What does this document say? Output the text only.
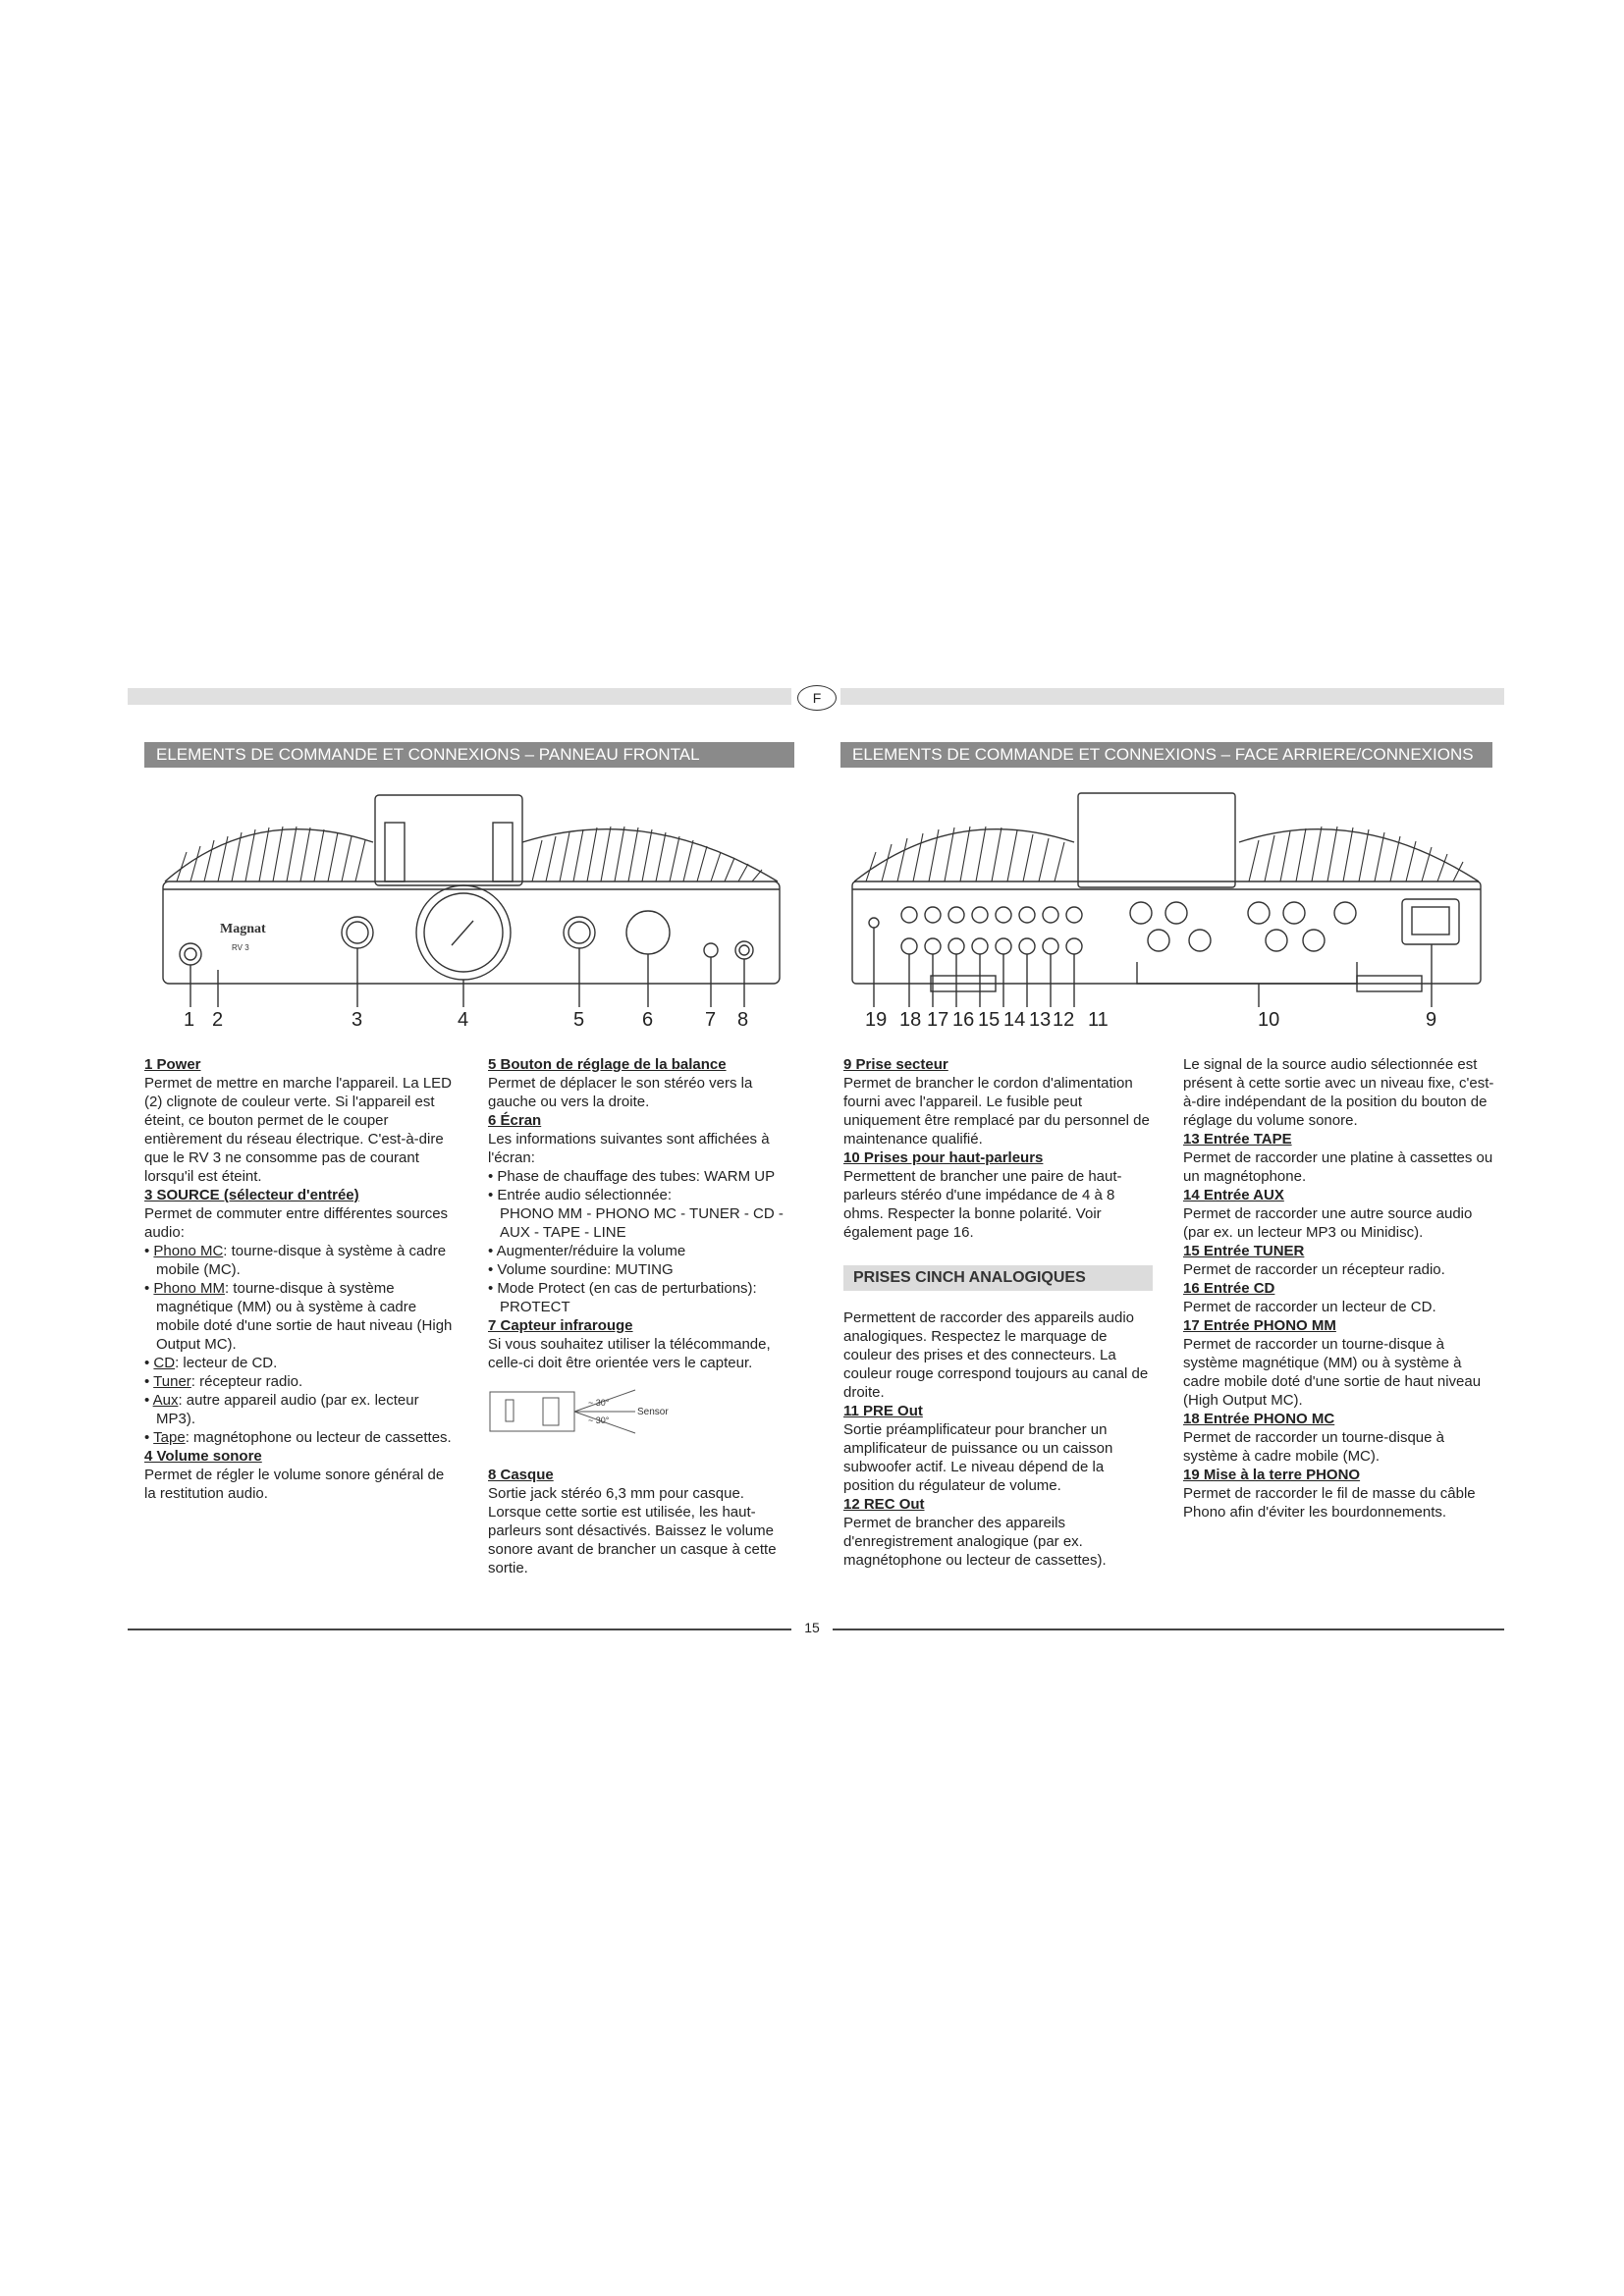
F
ELEMENTS DE COMMANDE ET CONNEXIONS – PANNEAU FRONTAL	ELEMENTS DE COMMANDE ET CONNEXIONS – FACE ARRIERE/CONNEXIONS
Magnat
RV 3
1 2	3	4	5	6	7 8	19 18 17 16 15 14 13 12 11	10	9

1 Power

Permet de mettre en marche l'appareil. La LED (2) clignote de couleur verte. Si l'appareil est éteint, ce bouton permet de le couper entièrement du réseau électrique. C'est-à-dire que le RV 3 ne consomme pas de courant lorsqu'il est éteint.

3 SOURCE (sélecteur d'entrée)

Permet de commuter entre différentes sources audio:

• Phono MC: tourne-disque à système à cadre mobile (MC).
• Phono MM: tourne-disque à système magnétique (MM) ou à système à cadre mobile doté d'une sortie de haut niveau (High Output MC).
• CD: lecteur de CD.
• Tuner: récepteur radio.
• Aux: autre appareil audio (par ex. lecteur MP3).
• Tape: magnétophone ou lecteur de cassettes.

4 Volume sonore

Permet de régler le volume sonore général de la restitution audio.

5 Bouton de réglage de la balance

Permet de déplacer le son stéréo vers la gauche ou vers la droite.

6 Écran

Les informations suivantes sont affichées à l'écran:

• Phase de chauffage des tubes: WARM UP
• Entrée audio sélectionnée:

PHONO MM - PHONO MC - TUNER - CD - AUX - TAPE - LINE

• Augmenter/réduire la volume
• Volume sourdine: MUTING
• Mode Protect (en cas de perturbations): PROTECT

7 Capteur infrarouge

Si vous souhaitez utiliser la télécommande, celle-ci doit être orientée vers le capteur.

~ 30°
~ 30°
Sensor

8 Casque

Sortie jack stéréo 6,3 mm pour casque. Lorsque cette sortie est utilisée, les haut-parleurs sont désactivés. Baissez le volume sonore avant de brancher un casque à cette sortie.

9 Prise secteur

Permet de brancher le cordon d'alimentation fourni avec l'appareil. Le fusible peut uniquement être remplacé par du personnel de maintenance qualifié.

10 Prises pour haut-parleurs

Permettent de brancher une paire de haut-parleurs stéréo d'une impédance de 4 à 8 ohms. Respecter la bonne polarité. Voir également page 16.

PRISES CINCH ANALOGIQUES

Permettent de raccorder des appareils audio analogiques. Respectez le marquage de couleur des prises et des connecteurs. La couleur rouge correspond toujours au canal de droite.

11 PRE Out

Sortie préamplificateur pour brancher un amplificateur de puissance ou un caisson subwoofer actif. Le niveau dépend de la position du régulateur de volume.

12 REC Out

Permet de brancher des appareils d'enregistrement analogique (par ex. magnétophone ou lecteur de cassettes).

Le signal de la source audio sélectionnée est présent à cette sortie avec un niveau fixe, c'est-à-dire indépendant de la position du bouton de réglage du volume sonore.

13 Entrée TAPE

Permet de raccorder une platine à cassettes ou un magnétophone.

14 Entrée AUX

Permet de raccorder une autre source audio (par ex. un lecteur MP3 ou Minidisc).

15 Entrée TUNER

Permet de raccorder un récepteur radio.

16 Entrée CD

Permet de raccorder un lecteur de CD.

17 Entrée PHONO MM

Permet de raccorder un tourne-disque à système magnétique (MM) ou à système à cadre mobile doté d'une sortie de haut niveau (High Output MC).

18 Entrée PHONO MC

Permet de raccorder un tourne-disque à système à cadre mobile (MC).

19 Mise à la terre PHONO

Permet de raccorder le fil de masse du câble Phono afin d'éviter les bourdonnements.

15
